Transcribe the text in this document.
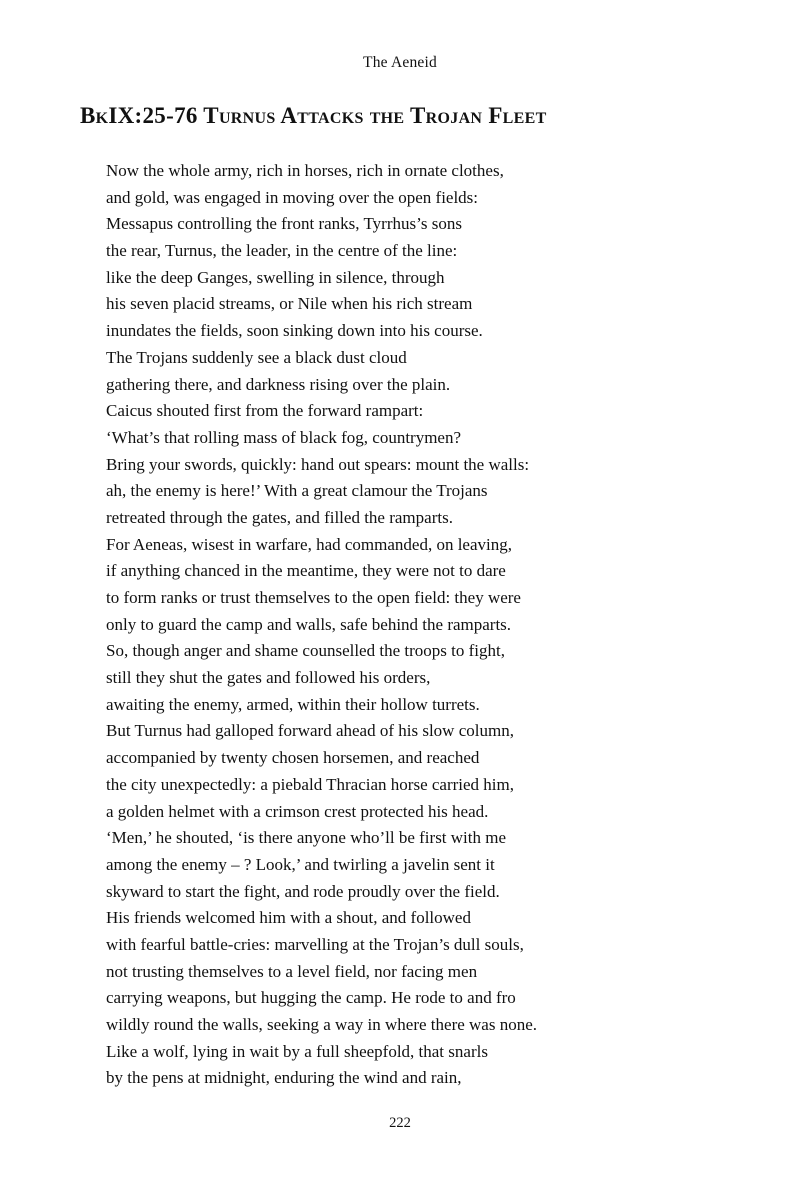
The Aeneid
BkIX:25-76 Turnus Attacks the Trojan Fleet
Now the whole army, rich in horses, rich in ornate clothes,
and gold, was engaged in moving over the open fields:
Messapus controlling the front ranks, Tyrrhus’s sons
the rear, Turnus, the leader, in the centre of the line:
like the deep Ganges, swelling in silence, through
his seven placid streams, or Nile when his rich stream
inundates the fields, soon sinking down into his course.
The Trojans suddenly see a black dust cloud
gathering there, and darkness rising over the plain.
Caicus shouted first from the forward rampart:
‘What’s that rolling mass of black fog, countrymen?
Bring your swords, quickly: hand out spears: mount the walls:
ah, the enemy is here!’ With a great clamour the Trojans
retreated through the gates, and filled the ramparts.
For Aeneas, wisest in warfare, had commanded, on leaving,
if anything chanced in the meantime, they were not to dare
to form ranks or trust themselves to the open field: they were
only to guard the camp and walls, safe behind the ramparts.
So, though anger and shame counselled the troops to fight,
still they shut the gates and followed his orders,
awaiting the enemy, armed, within their hollow turrets.
But Turnus had galloped forward ahead of his slow column,
accompanied by twenty chosen horsemen, and reached
the city unexpectedly: a piebald Thracian horse carried him,
a golden helmet with a crimson crest protected his head.
‘Men,’ he shouted, ‘is there anyone who’ll be first with me
among the enemy – ? Look,’ and twirling a javelin sent it
skyward to start the fight, and rode proudly over the field.
His friends welcomed him with a shout, and followed
with fearful battle-cries: marvelling at the Trojan’s dull souls,
not trusting themselves to a level field, nor facing men
carrying weapons, but hugging the camp. He rode to and fro
wildly round the walls, seeking a way in where there was none.
Like a wolf, lying in wait by a full sheepfold, that snarls
by the pens at midnight, enduring the wind and rain,
222
